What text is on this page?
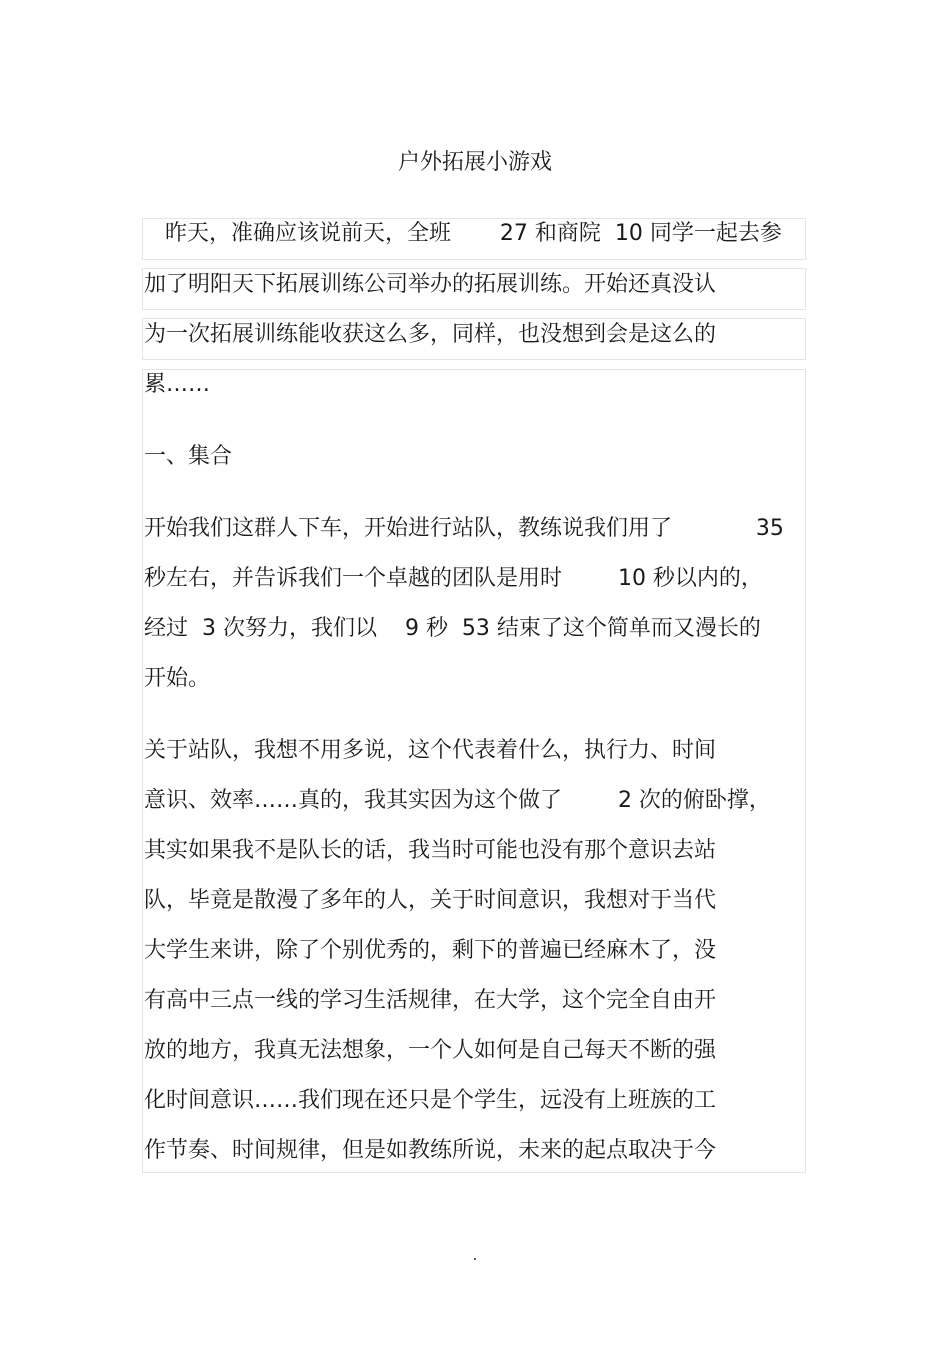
户外拓展小游戏
昨天，准确应该说前天，全班       27 和商院  10 同学一起去参
加了明阳天下拓展训练公司举办的拓展训练。开始还真没认
为一次拓展训练能收获这么多，同样，也没想到会是这么的
累……
一、集合
开始我们这群人下车，开始进行站队，教练说我们用了            35
秒左右，并告诉我们一个卓越的团队是用时        10 秒以内的，
经过  3 次努力，我们以    9 秒  53 结束了这个简单而又漫长的
开始。
关于站队，我想不用多说，这个代表着什么，执行力、时间
意识、效率……真的，我其实因为这个做了        2 次的俯卧撑，
其实如果我不是队长的话，我当时可能也没有那个意识去站
队，毕竟是散漫了多年的人，关于时间意识，我想对于当代
大学生来讲，除了个别优秀的，剩下的普遍已经麻木了，没
有高中三点一线的学习生活规律，在大学，这个完全自由开
放的地方，我真无法想象，一个人如何是自己每天不断的强
化时间意识……我们现在还只是个学生，远没有上班族的工
作节奏、时间规律，但是如教练所说，未来的起点取决于今
